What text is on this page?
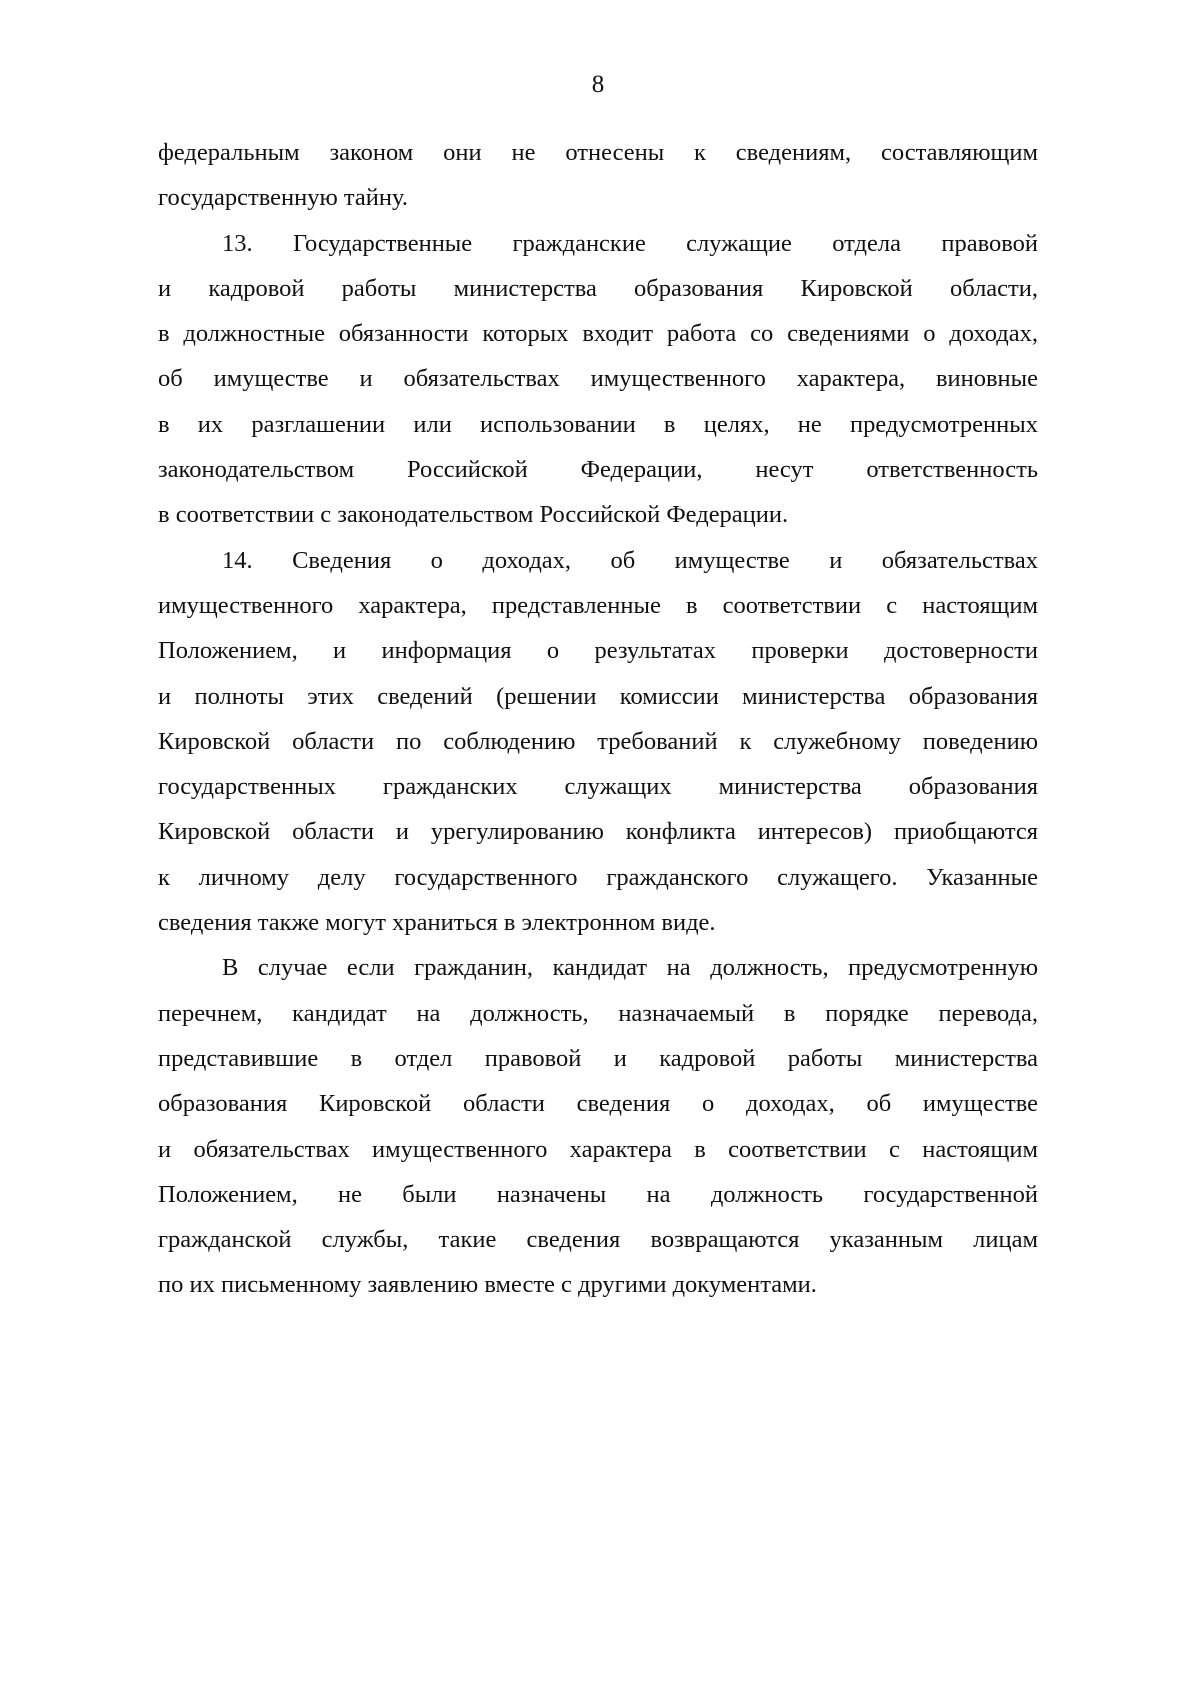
8
федеральным законом они не отнесены к сведениям, составляющим
государственную тайну.
13. Государственные гражданские служащие отдела правовой
и кадровой работы министерства образования Кировской области,
в должностные обязанности которых входит работа со сведениями о доходах,
об имуществе и обязательствах имущественного характера, виновные
в их разглашении или использовании в целях, не предусмотренных
законодательством Российской Федерации, несут ответственность
в соответствии с законодательством Российской Федерации.
14. Сведения о доходах, об имуществе и обязательствах
имущественного характера, представленные в соответствии с настоящим
Положением, и информация о результатах проверки достоверности
и полноты этих сведений (решении комиссии министерства образования
Кировской области по соблюдению требований к служебному поведению
государственных гражданских служащих министерства образования
Кировской области и урегулированию конфликта интересов) приобщаются
к личному делу государственного гражданского служащего. Указанные
сведения также могут храниться в электронном виде.
В случае если гражданин, кандидат на должность, предусмотренную
перечнем, кандидат на должность, назначаемый в порядке перевода,
представившие в отдел правовой и кадровой работы министерства
образования Кировской области сведения о доходах, об имуществе
и обязательствах имущественного характера в соответствии с настоящим
Положением, не были назначены на должность государственной
гражданской службы, такие сведения возвращаются указанным лицам
по их письменному заявлению вместе с другими документами.
